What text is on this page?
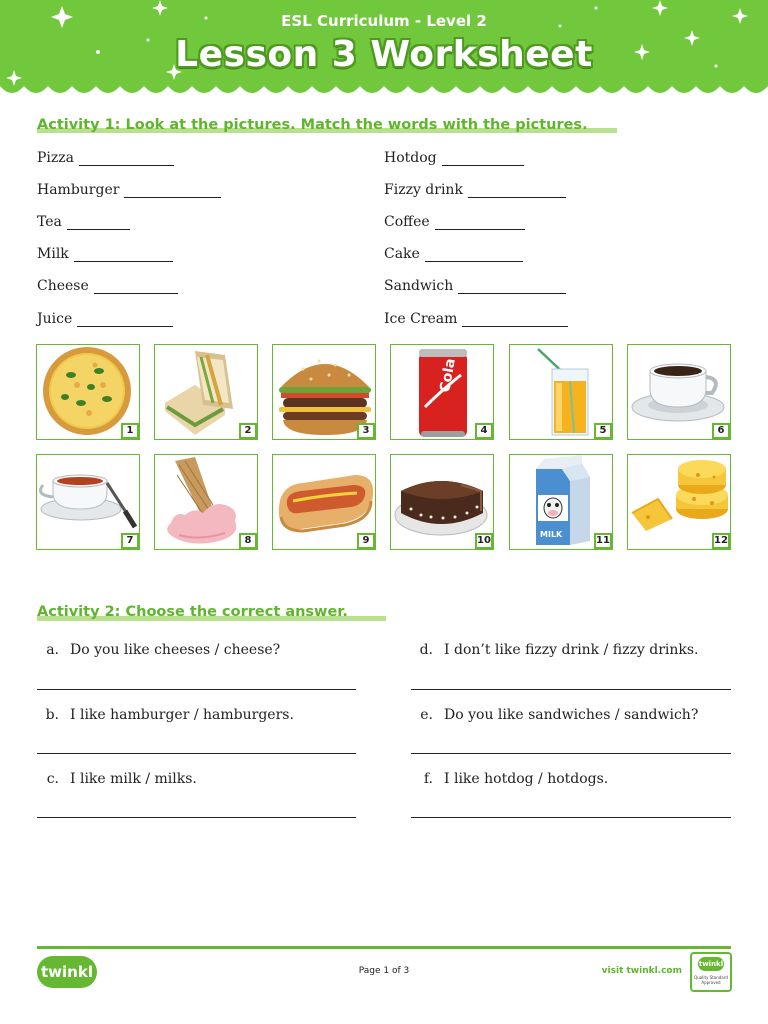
ESL Curriculum - Level 2
Lesson 3 Worksheet
Activity 1: Look at the pictures. Match the words with the pictures.
Pizza
Hamburger
Tea
Milk
Cheese
Juice
Hotdog
Fizzy drink
Coffee
Cake
Sandwich
Ice Cream
1	2	3
Cola
4	5	6
7	8	9	10
MILK
11	12
Activity 2: Choose the correct answer.
a. Do you like cheeses / cheese?
b. I like hamburger / hamburgers.
c. I like milk / milks.
d. I don’t like fizzy drink / fizzy drinks.
e. Do you like sandwiches / sandwich?
f. I like hotdog / hotdogs.
twinkl	Page 1 of 3	visit twinkl.com
twinkl
Quality Standard Approved
